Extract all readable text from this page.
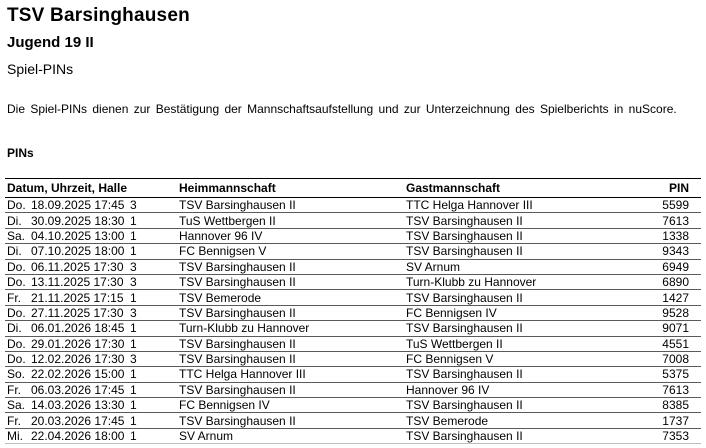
TSV Barsinghausen
Jugend 19 II
Spiel-PINs
Die Spiel-PINs dienen zur Bestätigung der Mannschaftsaufstellung und zur Unterzeichnung des Spielberichts in nuScore.
PINs
Datum, Uhrzeit, Halle	Heimmannschaft	Gastmannschaft	PIN

Do. 18.09.2025 17:45 3	TSV Barsinghausen II	TTC Helga Hannover III	5599

Di. 30.09.2025 18:30 1	TuS Wettbergen II	TSV Barsinghausen II	7613

Sa. 04.10.2025 13:00 1	Hannover 96 IV	TSV Barsinghausen II	1338

Di. 07.10.2025 18:00 1	FC Bennigsen V	TSV Barsinghausen II	9343

Do. 06.11.2025 17:30 3	TSV Barsinghausen II	SV Arnum	6949

Do. 13.11.2025 17:30 3	TSV Barsinghausen II	Turn-Klubb zu Hannover	6890

Fr. 21.11.2025 17:15 1	TSV Bemerode	TSV Barsinghausen II	1427

Do. 27.11.2025 17:30 3	TSV Barsinghausen II	FC Bennigsen IV	9528

Di. 06.01.2026 18:45 1	Turn-Klubb zu Hannover	TSV Barsinghausen II	9071

Do. 29.01.2026 17:30 1	TSV Barsinghausen II	TuS Wettbergen II	4551

Do. 12.02.2026 17:30 3	TSV Barsinghausen II	FC Bennigsen V	7008

So. 22.02.2026 15:00 1	TTC Helga Hannover III	TSV Barsinghausen II	5375

Fr. 06.03.2026 17:45 1	TSV Barsinghausen II	Hannover 96 IV	7613

Sa. 14.03.2026 13:30 1	FC Bennigsen IV	TSV Barsinghausen II	8385

Fr. 20.03.2026 17:45 1	TSV Barsinghausen II	TSV Bemerode	1737

Mi. 22.04.2026 18:00 1	SV Arnum	TSV Barsinghausen II	7353
